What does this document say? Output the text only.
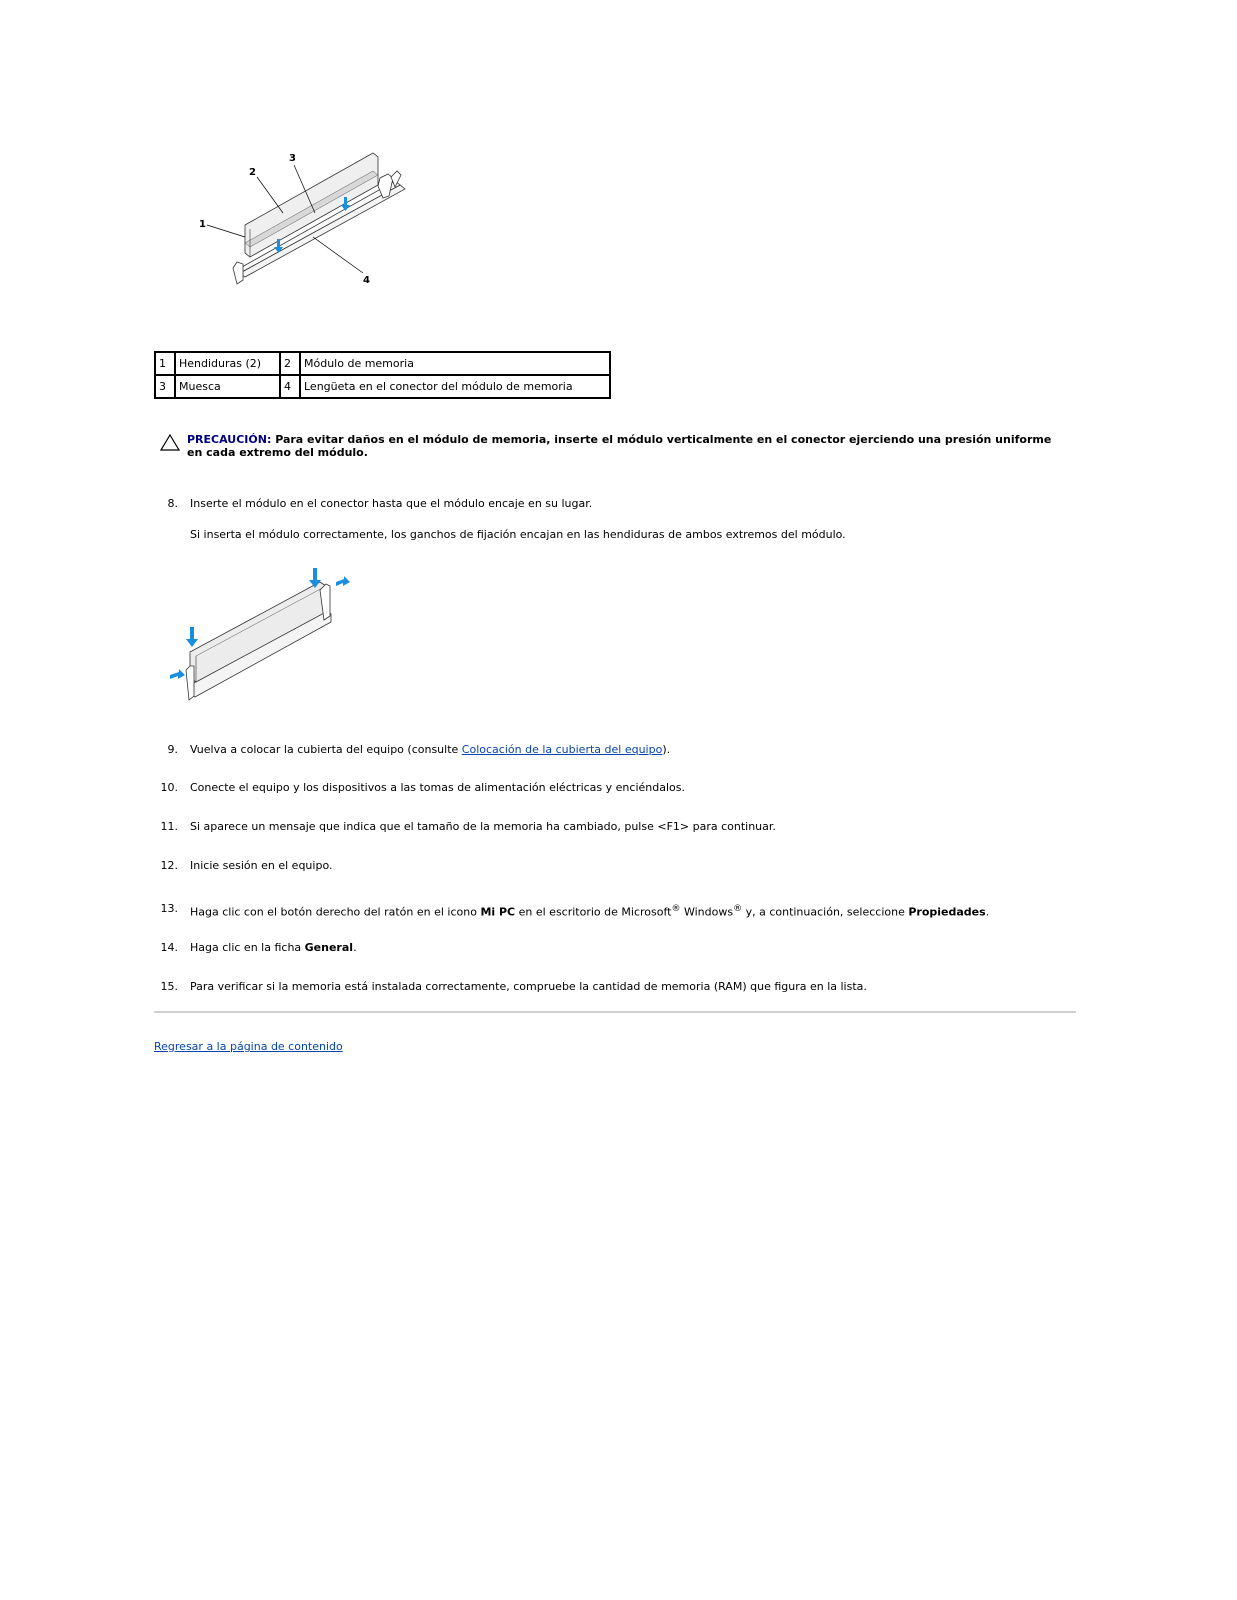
1
2
3
4
1	Hendiduras (2)	2	Módulo de memoria
3	Muesca	4	Lengüeta en el conector del módulo de memoria
PRECAUCIÓN: Para evitar daños en el módulo de memoria, inserte el módulo verticalmente en el conector ejerciendo una presión uniforme en cada extremo del módulo.
8. Inserte el módulo en el conector hasta que el módulo encaje en su lugar.
Si inserta el módulo correctamente, los ganchos de fijación encajan en las hendiduras de ambos extremos del módulo.
9. Vuelva a colocar la cubierta del equipo (consulte Colocación de la cubierta del equipo).
10. Conecte el equipo y los dispositivos a las tomas de alimentación eléctricas y enciéndalos.
11. Si aparece un mensaje que indica que el tamaño de la memoria ha cambiado, pulse <F1> para continuar.
12. Inicie sesión en el equipo.
13. Haga clic con el botón derecho del ratón en el icono Mi PC en el escritorio de Microsoft® Windows® y, a continuación, seleccione Propiedades.
14. Haga clic en la ficha General.
15. Para verificar si la memoria está instalada correctamente, compruebe la cantidad de memoria (RAM) que figura en la lista.
Regresar a la página de contenido
